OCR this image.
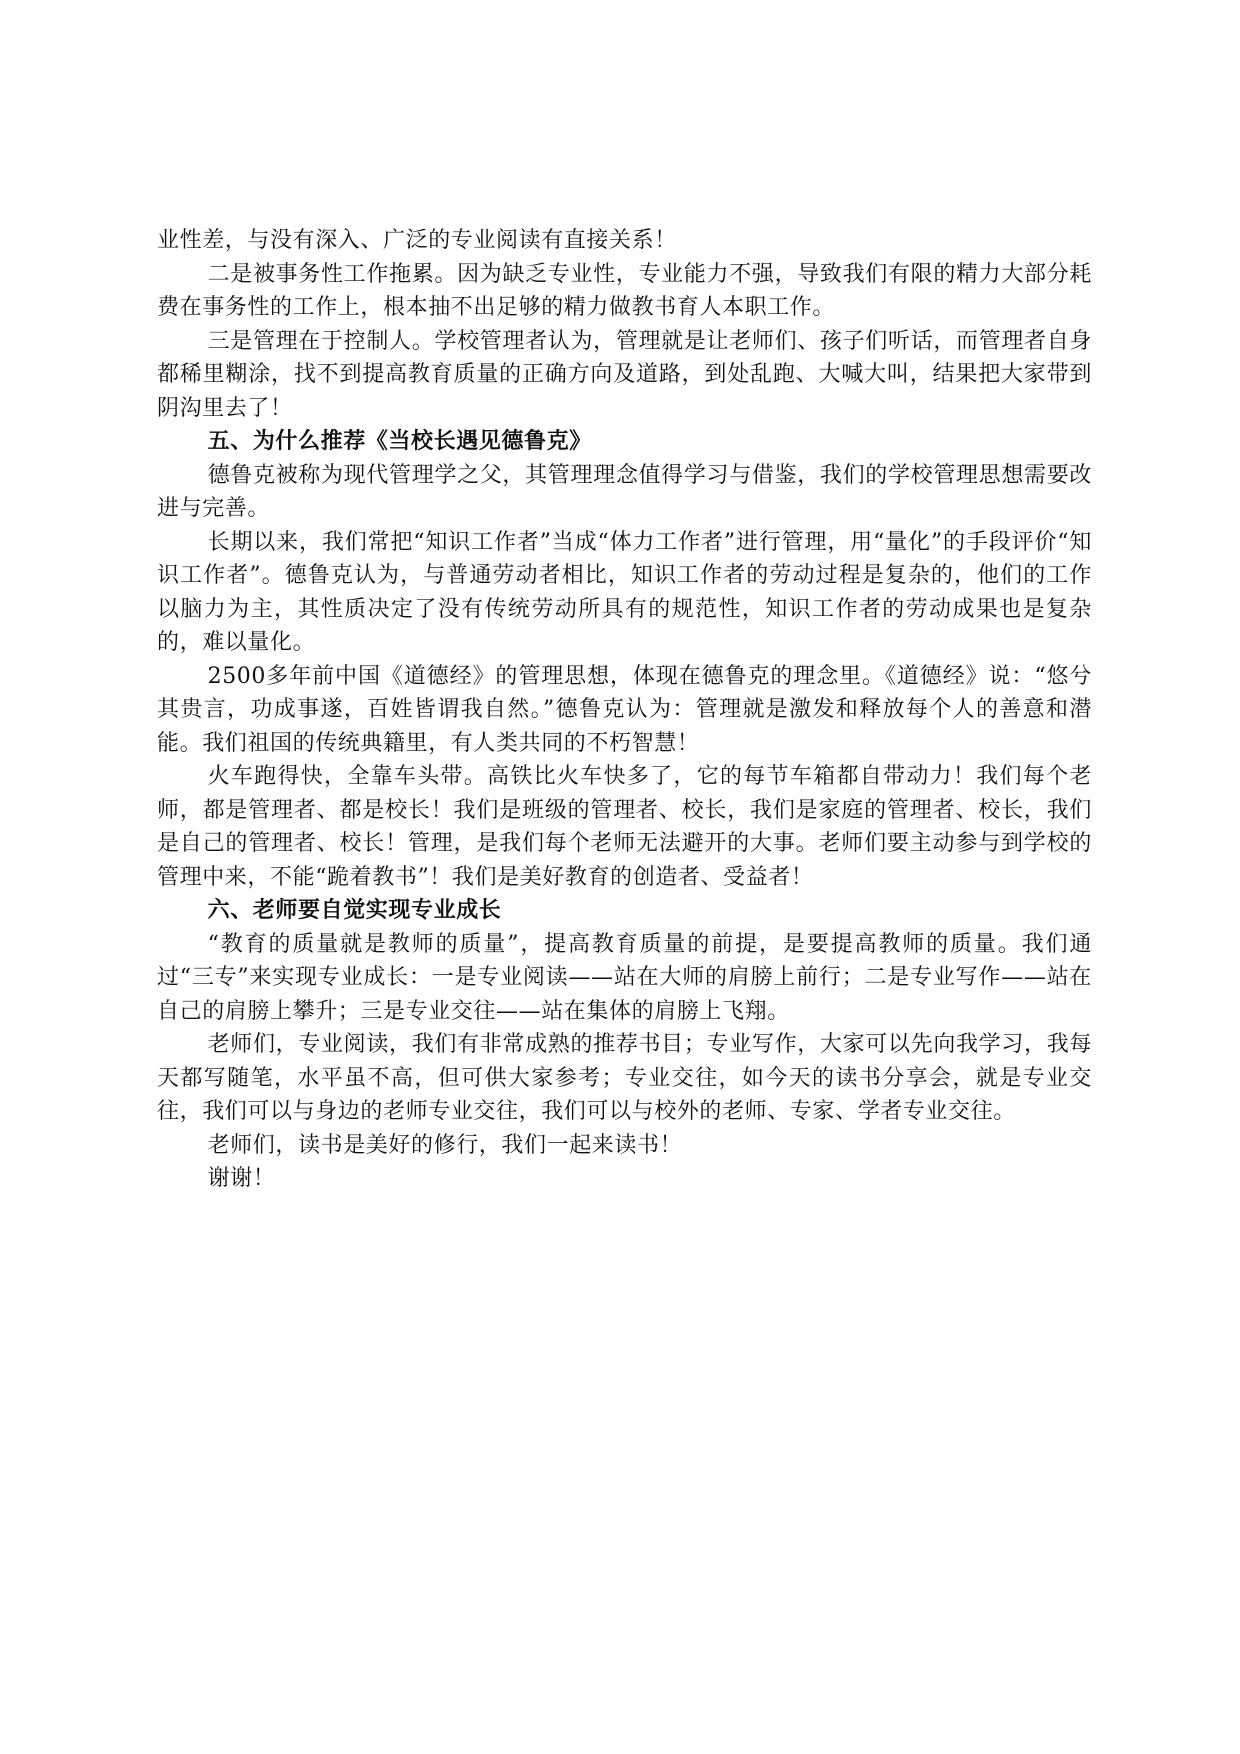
业性差，与没有深入、广泛的专业阅读有直接关系！

二是被事务性工作拖累。因为缺乏专业性，专业能力不强，导致我们有限的精力大部分耗费在事务性的工作上，根本抽不出足够的精力做教书育人本职工作。

三是管理在于控制人。学校管理者认为，管理就是让老师们、孩子们听话，而管理者自身都稀里糊涂，找不到提高教育质量的正确方向及道路，到处乱跑、大喊大叫，结果把大家带到阴沟里去了！

五、为什么推荐《当校长遇见德鲁克》

德鲁克被称为现代管理学之父，其管理理念值得学习与借鉴，我们的学校管理思想需要改进与完善。

长期以来，我们常把“知识工作者”当成“体力工作者”进行管理，用“量化”的手段评价“知识工作者”。德鲁克认为，与普通劳动者相比，知识工作者的劳动过程是复杂的，他们的工作以脑力为主，其性质决定了没有传统劳动所具有的规范性，知识工作者的劳动成果也是复杂的，难以量化。

2500多年前中国《道德经》的管理思想，体现在德鲁克的理念里。《道德经》说：“悠兮其贵言，功成事遂，百姓皆谓我自然。”德鲁克认为：管理就是激发和释放每个人的善意和潜能。我们祖国的传统典籍里，有人类共同的不朽智慧！

火车跑得快，全靠车头带。高铁比火车快多了，它的每节车箱都自带动力！我们每个老师，都是管理者、都是校长！我们是班级的管理者、校长，我们是家庭的管理者、校长，我们是自己的管理者、校长！管理，是我们每个老师无法避开的大事。老师们要主动参与到学校的管理中来，不能“跪着教书”！我们是美好教育的创造者、受益者！

六、老师要自觉实现专业成长

“教育的质量就是教师的质量”，提高教育质量的前提，是要提高教师的质量。我们通过“三专”来实现专业成长：一是专业阅读——站在大师的肩膀上前行；二是专业写作——站在自己的肩膀上攀升；三是专业交往——站在集体的肩膀上飞翔。

老师们，专业阅读，我们有非常成熟的推荐书目；专业写作，大家可以先向我学习，我每天都写随笔，水平虽不高，但可供大家参考；专业交往，如今天的读书分享会，就是专业交往，我们可以与身边的老师专业交往，我们可以与校外的老师、专家、学者专业交往。

老师们，读书是美好的修行，我们一起来读书！

谢谢！
